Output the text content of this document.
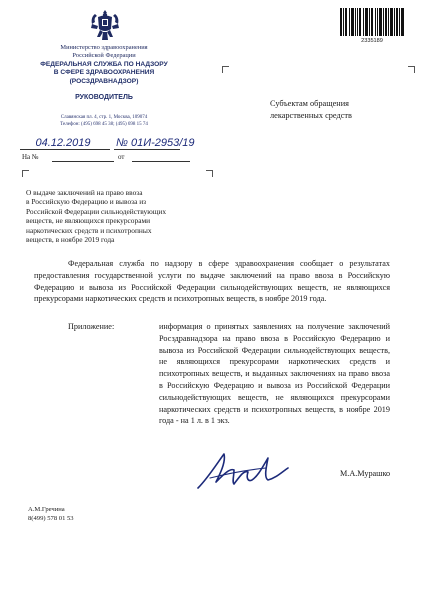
Министерство здравоохранения
Российской Федерации
ФЕДЕРАЛЬНАЯ СЛУЖБА ПО НАДЗОРУ
В СФЕРЕ ЗДРАВООХРАНЕНИЯ
(РОСЗДРАВНАДЗОР)
РУКОВОДИТЕЛЬ
Славянская пл. 4, стр. 1, Москва, 109074
Телефон: (495) 698 45 38; (495) 698 15 74
04.12.2019	№ 01И-2953/19
На №	от
2335189
Субъектам обращения
лекарственных средств
О выдаче заключений на право ввоза
в Российскую Федерацию и вывоза из
Российской Федерации сильнодействующих
веществ, не являющихся прекурсорами
наркотических средств и психотропных
веществ, в ноябре 2019 года
Федеральная служба по надзору в сфере здравоохранения сообщает о результатах предоставления государственной услуги по выдаче заключений на право ввоза в Российскую Федерацию и вывоза из Российской Федерации сильнодействующих веществ, не являющихся прекурсорами наркотических средств и психотропных веществ, в ноябре 2019 года.
Приложение:	информация о принятых заявлениях на получение заключений Росздравнадзора на право ввоза в Российскую Федерацию и вывоза из Российской Федерации сильнодействующих веществ, не являющихся прекурсорами наркотических средств и психотропных веществ, и выданных заключениях на право ввоза в Российскую Федерацию и вывоза из Российской Федерации сильнодействующих веществ, не являющихся прекурсорами наркотических средств и психотропных веществ, в ноябре 2019 года - на 1 л. в 1 экз.
М.А.Мурашко
А.М.Гречина
8(499) 578 01 53
